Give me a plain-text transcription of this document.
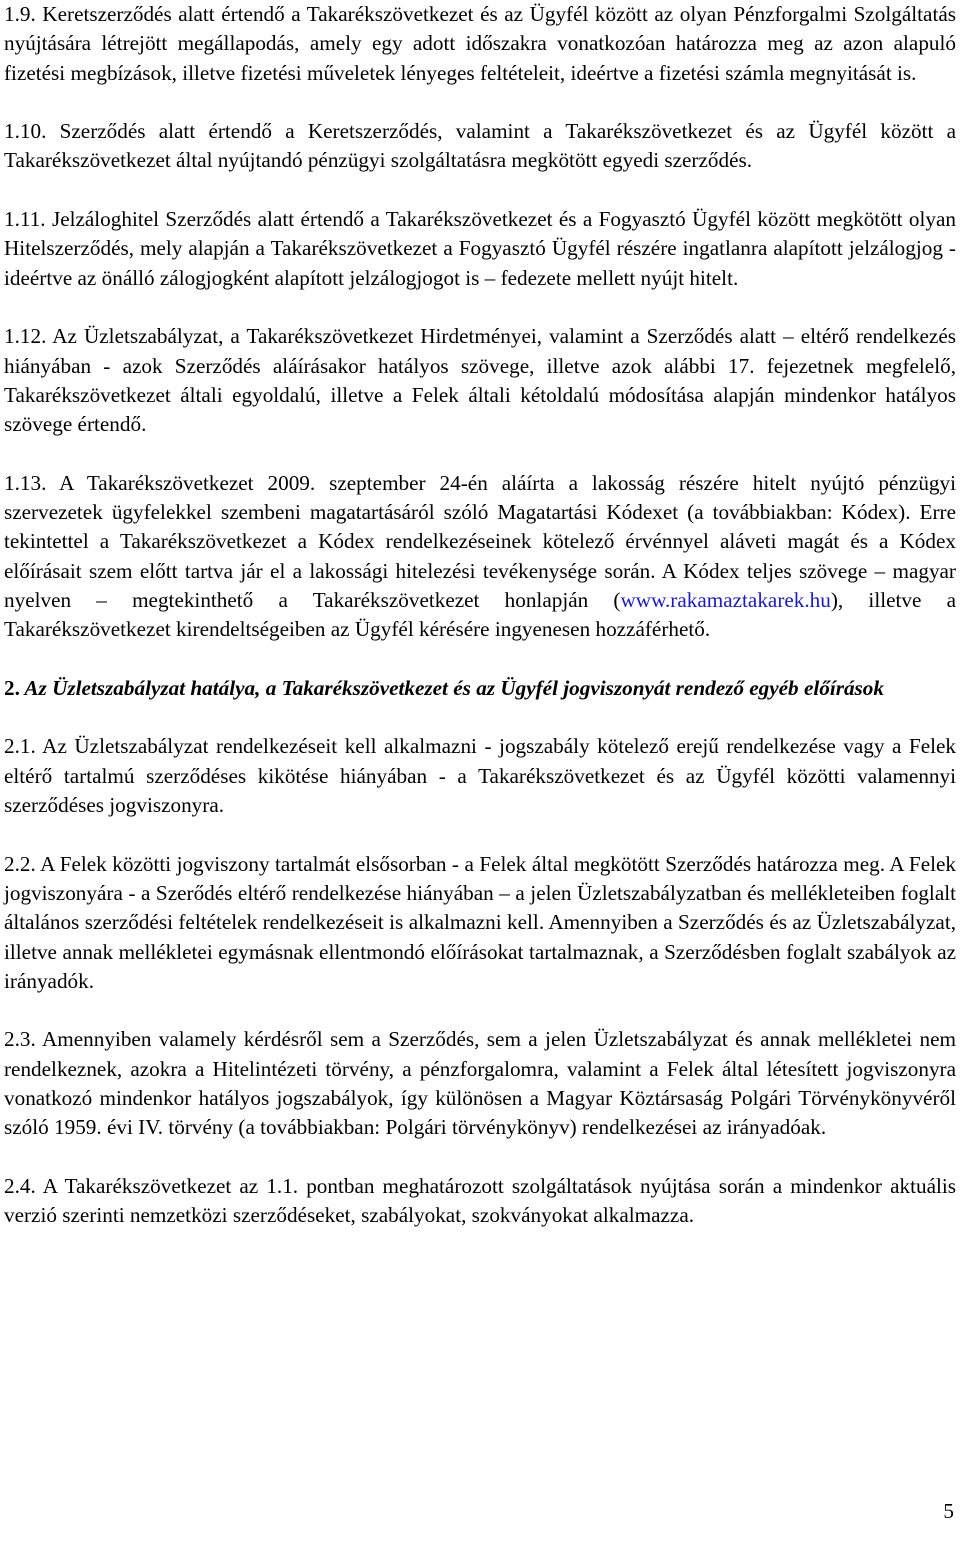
1.9. Keretszerződés alatt értendő a Takarékszövetkezet és az Ügyfél között az olyan Pénzforgalmi Szolgáltatás nyújtására létrejött megállapodás, amely egy adott időszakra vonatkozóan határozza meg az azon alapuló fizetési megbízások, illetve fizetési műveletek lényeges feltételeit, ideértve a fizetési számla megnyitását is.

1.10. Szerződés alatt értendő a Keretszerződés, valamint a Takarékszövetkezet és az Ügyfél között a Takarékszövetkezet által nyújtandó pénzügyi szolgáltatásra megkötött egyedi szerződés.

1.11. Jelzáloghitel Szerződés alatt értendő a Takarékszövetkezet és a Fogyasztó Ügyfél között megkötött olyan Hitelszerződés, mely alapján a Takarékszövetkezet a Fogyasztó Ügyfél részére ingatlanra alapított jelzálogjog - ideértve az önálló zálogjogként alapított jelzálogjogot is – fedezete mellett nyújt hitelt.

1.12. Az Üzletszabályzat, a Takarékszövetkezet Hirdetményei, valamint a Szerződés alatt – eltérő rendelkezés hiányában - azok Szerződés aláírásakor hatályos szövege, illetve azok alábbi 17. fejezetnek megfelelő, Takarékszövetkezet általi egyoldalú, illetve a Felek általi kétoldalú módosítása alapján mindenkor hatályos szövege értendő.

1.13. A Takarékszövetkezet 2009. szeptember 24-én aláírta a lakosság részére hitelt nyújtó pénzügyi szervezetek ügyfelekkel szembeni magatartásáról szóló Magatartási Kódexet (a továbbiakban: Kódex). Erre tekintettel a Takarékszövetkezet a Kódex rendelkezéseinek kötelező érvénnyel aláveti magát és a Kódex előírásait szem előtt tartva jár el a lakossági hitelezési tevékenysége során. A Kódex teljes szövege – magyar nyelven – megtekinthető a Takarékszövetkezet honlapján (www.rakamaztakarek.hu), illetve a Takarékszövetkezet kirendeltségeiben az Ügyfél kérésére ingyenesen hozzáférhető.

2. Az Üzletszabályzat hatálya, a Takarékszövetkezet és az Ügyfél jogviszonyát rendező egyéb előírások

2.1. Az Üzletszabályzat rendelkezéseit kell alkalmazni - jogszabály kötelező erejű rendelkezése vagy a Felek eltérő tartalmú szerződéses kikötése hiányában - a Takarékszövetkezet és az Ügyfél közötti valamennyi szerződéses jogviszonyra.

2.2. A Felek közötti jogviszony tartalmát elsősorban - a Felek által megkötött Szerződés határozza meg. A Felek jogviszonyára - a Szerődés eltérő rendelkezése hiányában – a jelen Üzletszabályzatban és mellékleteiben foglalt általános szerződési feltételek rendelkezéseit is alkalmazni kell. Amennyiben a Szerződés és az Üzletszabályzat, illetve annak mellékletei egymásnak ellentmondó előírásokat tartalmaznak, a Szerződésben foglalt szabályok az irányadók.

2.3. Amennyiben valamely kérdésről sem a Szerződés, sem a jelen Üzletszabályzat és annak mellékletei nem rendelkeznek, azokra a Hitelintézeti törvény, a pénzforgalomra, valamint a Felek által létesített jogviszonyra vonatkozó mindenkor hatályos jogszabályok, így különösen a Magyar Köztársaság Polgári Törvénykönyvéről szóló 1959. évi IV. törvény (a továbbiakban: Polgári törvénykönyv) rendelkezései az irányadóak.

2.4. A Takarékszövetkezet az 1.1. pontban meghatározott szolgáltatások nyújtása során a mindenkor aktuális verzió szerinti nemzetközi szerződéseket, szabályokat, szokványokat alkalmazza.

5
